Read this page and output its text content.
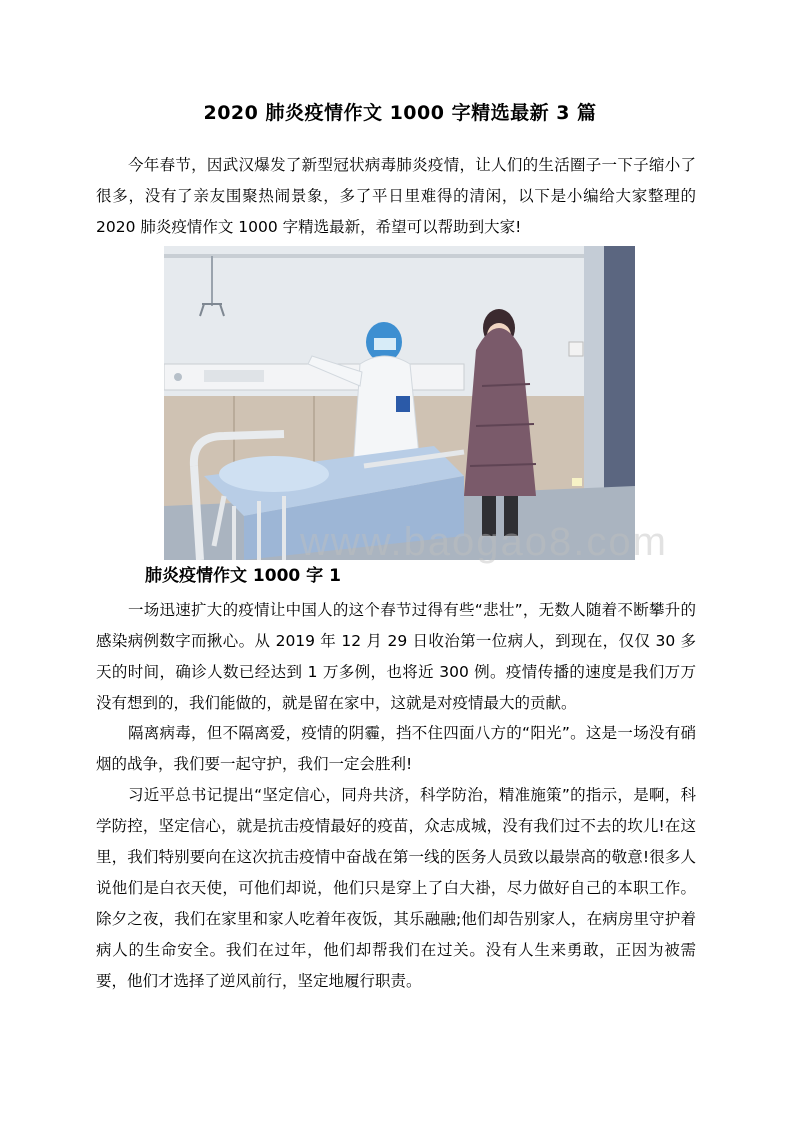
2020 肺炎疫情作文 1000 字精选最新 3 篇

今年春节，因武汉爆发了新型冠状病毒肺炎疫情，让人们的生活圈子一下子缩小了很多，没有了亲友围聚热闹景象，多了平日里难得的清闲，以下是小编给大家整理的 2020 肺炎疫情作文 1000 字精选最新，希望可以帮助到大家!

www.baogao8.com
肺炎疫情作文 1000 字 1

一场迅速扩大的疫情让中国人的这个春节过得有些“悲壮”，无数人随着不断攀升的感染病例数字而揪心。从 2019 年 12 月 29 日收治第一位病人，到现在，仅仅 30 多天的时间，确诊人数已经达到 1 万多例，也将近 300 例。疫情传播的速度是我们万万没有想到的，我们能做的，就是留在家中，这就是对疫情最大的贡献。

隔离病毒，但不隔离爱，疫情的阴霾，挡不住四面八方的“阳光”。这是一场没有硝烟的战争，我们要一起守护，我们一定会胜利!

习近平总书记提出“坚定信心，同舟共济，科学防治，精准施策”的指示，是啊，科学防控，坚定信心，就是抗击疫情最好的疫苗，众志成城，没有我们过不去的坎儿!在这里，我们特别要向在这次抗击疫情中奋战在第一线的医务人员致以最崇高的敬意!很多人说他们是白衣天使，可他们却说，他们只是穿上了白大褂，尽力做好自己的本职工作。除夕之夜，我们在家里和家人吃着年夜饭，其乐融融;他们却告别家人，在病房里守护着病人的生命安全。我们在过年，他们却帮我们在过关。没有人生来勇敢，正因为被需要，他们才选择了逆风前行，坚定地履行职责。
